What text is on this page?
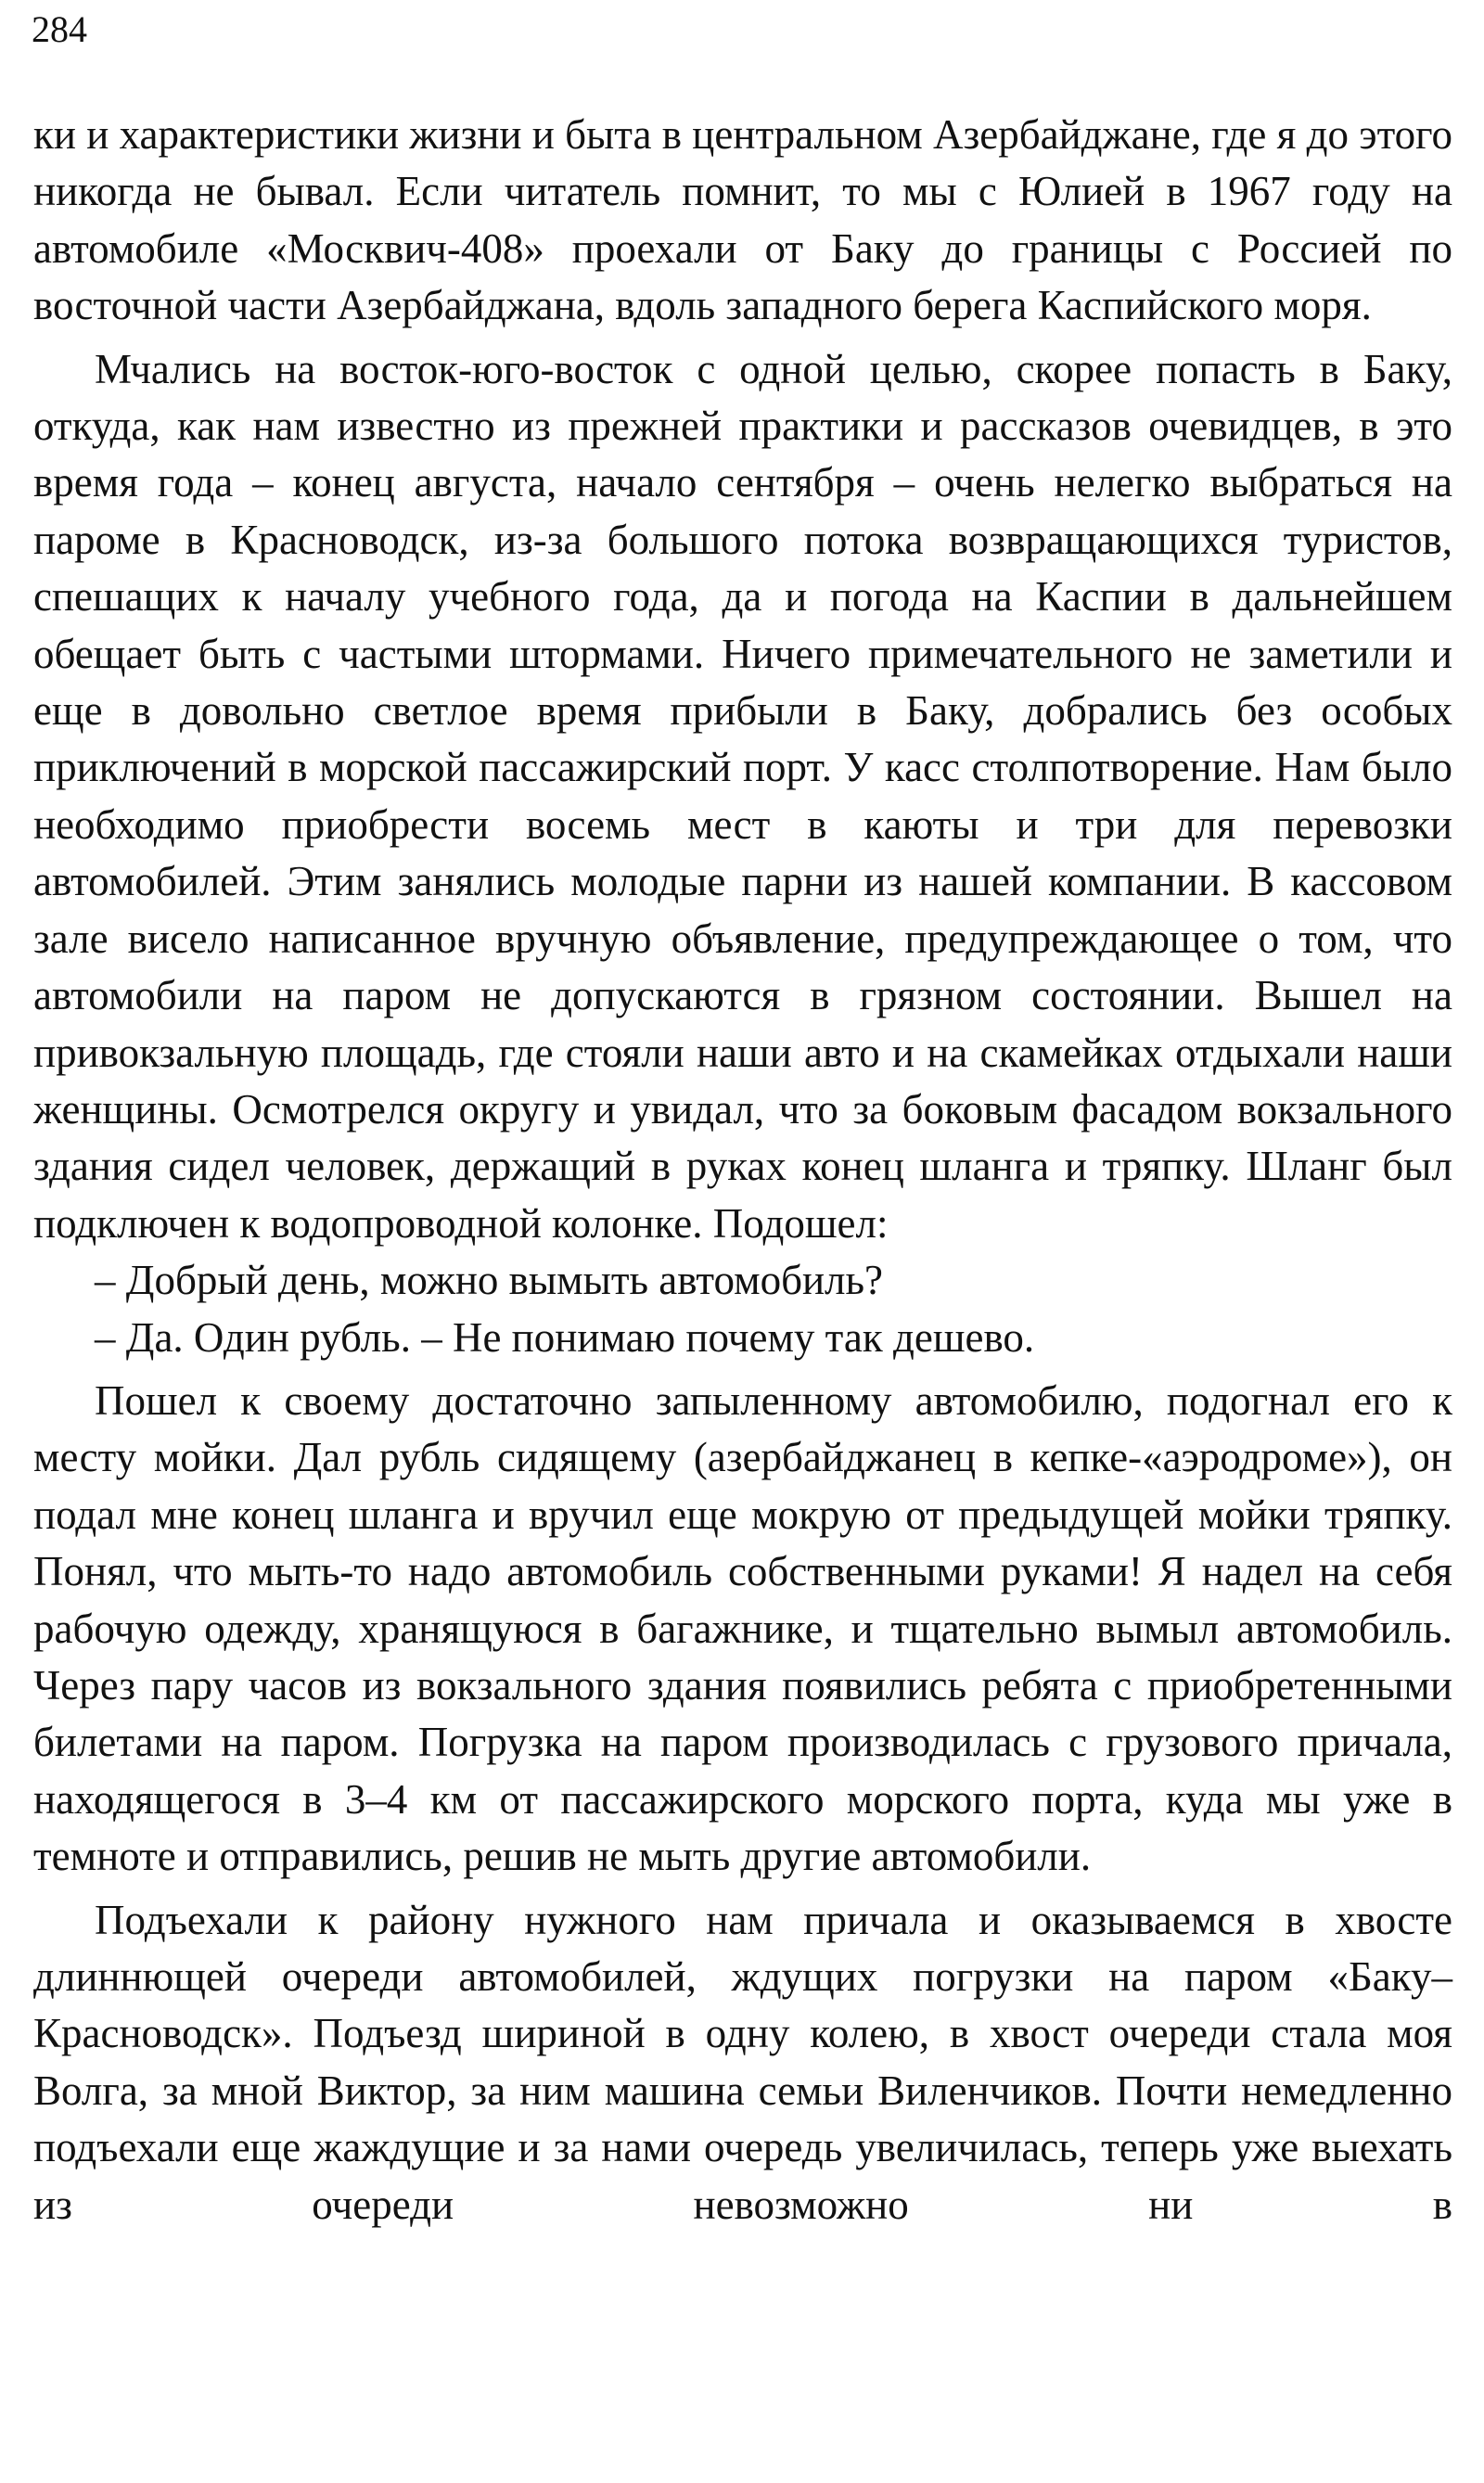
284

ки и характеристики жизни и быта в центральном Азербайджане, где я до этого никогда не бывал. Если читатель помнит, то мы с Юлией в 1967 году на автомобиле «Москвич-408» проехали от Баку до границы с Россией по восточной части Азербайджана, вдоль западного берега Каспийского моря.

Мчались на восток-юго-восток с одной целью, скорее попасть в Баку, откуда, как нам известно из прежней практики и рассказов очевидцев, в это время года – конец августа, начало сентября – очень нелегко выбраться на пароме в Красноводск, из-за большого потока возвращающихся туристов, спешащих к началу учебного года, да и погода на Каспии в дальнейшем обещает быть с частыми штормами. Ничего примечательного не заметили и еще в довольно светлое время прибыли в Баку, добрались без особых приключений в морской пассажирский порт. У касс столпотворение. Нам было необходимо приобрести восемь мест в каюты и три для перевозки автомобилей. Этим занялись молодые парни из нашей компании. В кассовом зале висело написанное вручную объявление, предупреждающее о том, что автомобили на паром не допускаются в грязном состоянии. Вышел на привокзальную площадь, где стояли наши авто и на скамейках отдыхали наши женщины. Осмотрелся округу и увидал, что за боковым фасадом вокзального здания сидел человек, держащий в руках конец шланга и тряпку. Шланг был подключен к водопроводной колонке. Подошел:

– Добрый день, можно вымыть автомобиль?

– Да. Один рубль. – Не понимаю почему так дешево.

Пошел к своему достаточно запыленному автомобилю, подогнал его к месту мойки. Дал рубль сидящему (азербайджанец в кепке-«аэродроме»), он подал мне конец шланга и вручил еще мокрую от предыдущей мойки тряпку. Понял, что мыть-то надо автомобиль собственными руками! Я надел на себя рабочую одежду, хранящуюся в багажнике, и тщательно вымыл автомобиль. Через пару часов из вокзального здания появились ребята с приобретенными билетами на паром. Погрузка на паром производилась с грузового причала, находящегося в 3–4 км от пассажирского морского порта, куда мы уже в темноте и отправились, решив не мыть другие автомобили.

Подъехали к району нужного нам причала и оказываемся в хвосте длиннющей очереди автомобилей, ждущих погрузки на паром «Баку–Красноводск». Подъезд шириной в одну колею, в хвост очереди стала моя Волга, за мной Виктор, за ним машина семьи Виленчиков. Почти немедленно подъехали еще жаждущие и за нами очередь увеличилась, теперь уже выехать из очереди невозможно ни в
